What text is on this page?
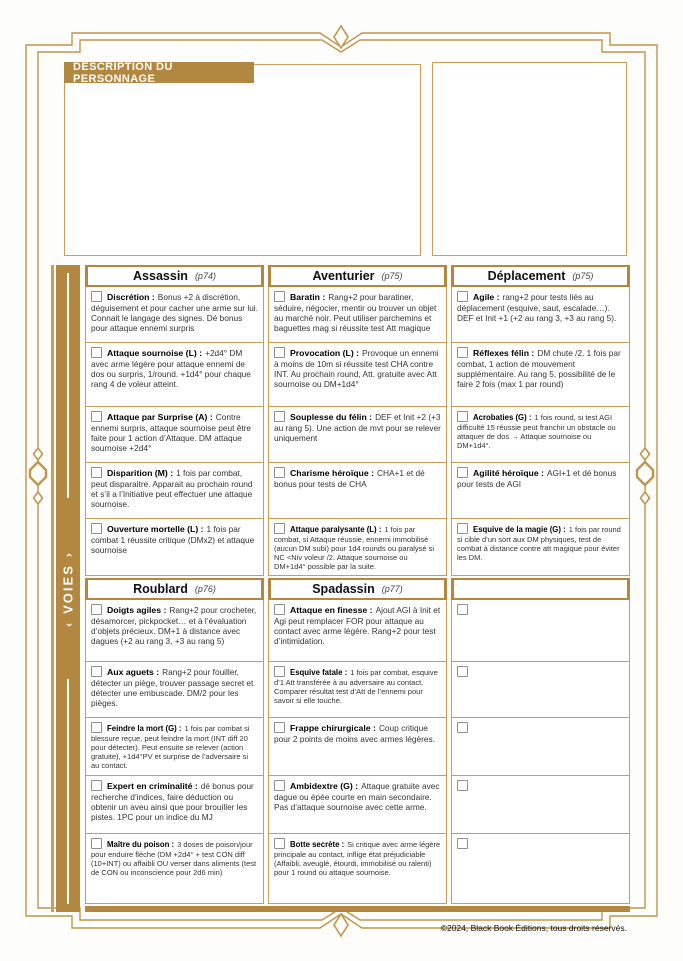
DESCRIPTION DU PERSONNAGE
‹
VOIES
›
Assassin (p74)

Discrétion : Bonus +2 à discrétion, déguisement et pour cacher une arme sur lui. Connait le langage des signes. Dé bonus pour attaque ennemi surpris

Attaque sournoise (L) : +2d4° DM avec arme légère pour attaque ennemi de dos ou surpris, 1/round. +1d4° pour chaque rang 4 de voleur atteint.

Attaque par Surprise (A) : Contre ennemi surpris, attaque sournoise peut être faite pour 1 action d’Attaque. DM attaque sournoise +2d4°

Disparition (M) : 1 fois par combat, peut disparaitre. Apparait au prochain round et s’il a l’Initiative peut effectuer une attaque sournoise.

Ouverture mortelle (L) : 1 fois par combat 1 réussite critique (DMx2) et attaque sournoise

Aventurier (p75)

Baratin : Rang+2 pour baratiner, séduire, négocier, mentir ou trouver un objet au marché noir. Peut utiliser parchemins et baguettes mag si réussite test Att magique

Provocation (L) : Provoque un ennemi à moins de 10m si réussite test CHA contre INT. Au prochain round, Att. gratuite avec Att sournoise ou DM+1d4°

Souplesse du félin : DEF et Init +2 (+3 au rang 5). Une action de mvt pour se relever uniquement

Charisme héroïque : CHA+1 et dé bonus pour tests de CHA

Attaque paralysante (L) : 1 fois par combat, si Attaque réussie, ennemi immobilisé (aucun DM subi) pour 1d4 rounds ou paralysé si NC <Niv voleur /2. Attaque sournoise ou DM+1d4° possible par la suite.

Déplacement (p75)

Agile : rang+2 pour tests liés au déplacement (esquive, saut, escalade…). DEF et Init +1 (+2 au rang 3, +3 au rang 5).

Réflexes félin : DM chute /2. 1 fois par combat, 1 action de mouvement supplémentaire. Au rang 5, possibilité de le faire 2 fois (max 1 par round)

Acrobaties (G) : 1 fois round, si test AGI difficulté 15 réussie peut franchir un obstacle ou attaquer de dos → Attaque sournoise ou DM+1d4°.

Agilité héroïque : AGI+1 et dé bonus pour tests de AGI

Esquive de la magie (G) : 1 fois par round si cible d’un sort aux DM physiques, test de combat à distance contre att magique pour éviter les DM.

Roublard (p76)

Doigts agiles : Rang+2 pour crocheter, désamorcer, pickpocket… et à l’évaluation d’objets précieux. DM+1 à distance avec dagues (+2 au rang 3, +3 au rang 5)

Aux aguets : Rang+2 pour fouiller, détecter un piège, trouver passage secret et détecter une embuscade. DM/2 pour les pièges.

Feindre la mort (G) : 1 fois par combat si blessure reçue, peut feindre la mort (INT diff 20 pour détecter). Peut ensuite se relever (action gratuite), +1d4°PV et surprise de l’adversaire si au contact.

Expert en criminalité : dé bonus pour recherche d’indices, faire déduction ou obtenir un aveu ainsi que pour brouiller les pistes. 1PC pour un indice du MJ

Maître du poison : 3 doses de poison/jour pour enduire flèche (DM +2d4° + test CON diff (10+INT) ou affaibli OU verser dans aliments (test de CON ou inconscience pour 2d6 min)

Spadassin (p77)

Attaque en finesse : Ajout AGI à Init et Agi peut remplacer FOR pour attaque au contact avec arme légère. Rang+2 pour test d’intimidation.

Esquive fatale : 1 fois par combat, esquive d’1 Att transférée à au adversaire au contact. Comparer résultat test d’Att de l’ennemi pour savoir si elle touche.

Frappe chirurgicale : Coup critique pour 2 points de moins avec armes légères.

Ambidextre (G) : Attaque gratuite avec dague ou épée courte en main secondaire. Pas d’attaque sournoise avec cette arme.

Botte secrète : Si critique avec arme légère principale au contact, inflige état préjudiciable (Affaibli, aveuglé, étourdi, immobilisé ou ralenti) pour 1 round ou attaque sournoise.

©2024, Black Book Éditions, tous droits réservés.
